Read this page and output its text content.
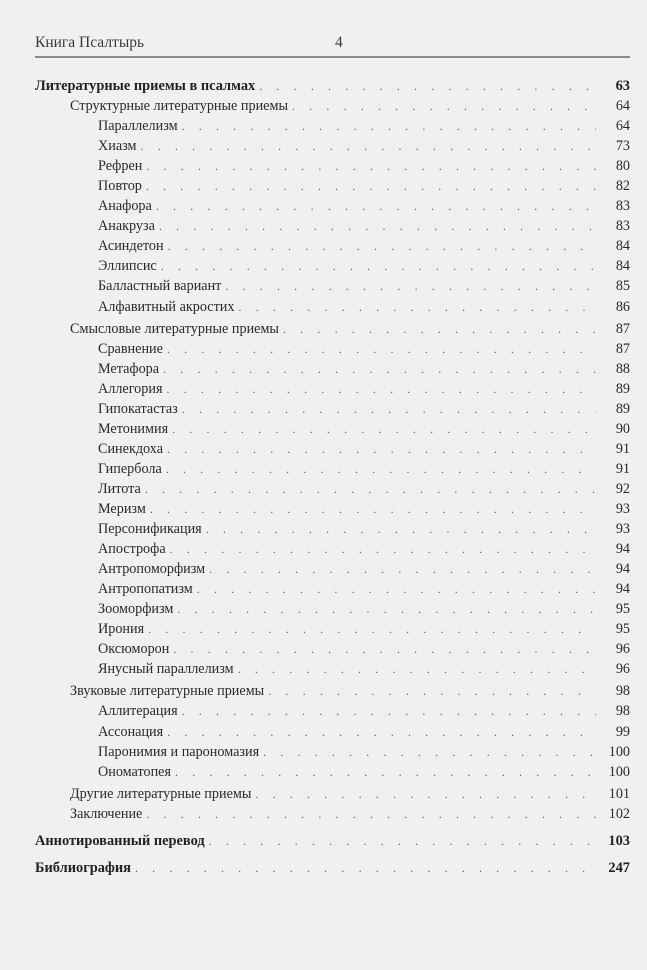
Книга Псалтырь	4
Литературные приемы в псалмах . . .	63
Структурные литературные приемы . . .	64
Параллелизм . . .	64
Хиазм . . .	73
Рефрен . . .	80
Повтор . . .	82
Анафора . . .	83
Анакруза . . .	83
Асиндетон . . .	84
Эллипсис . . .	84
Балластный вариант . . .	85
Алфавитный акростих . . .	86
Смысловые литературные приемы . . .	87
Сравнение . . .	87
Метафора . . .	88
Аллегория . . .	89
Гипокатастаз . . .	89
Метонимия . . .	90
Синекдоха . . .	91
Гипербола . . .	91
Литота . . .	92
Меризм . . .	93
Персонификация . . .	93
Апострофа . . .	94
Антропоморфизм . . .	94
Антропопатизм . . .	94
Зооморфизм . . .	95
Ирония . . .	95
Оксюморон . . .	96
Янусный параллелизм . . .	96
Звуковые литературные приемы . . .	98
Аллитерация . . .	98
Ассонация . . .	99
Паронимия и парономазия . . .	100
Ономатопея . . .	100
Другие литературные приемы . . .	101
Заключение . . .	102
Аннотированный перевод . . .	103
Библиография . . .	247
